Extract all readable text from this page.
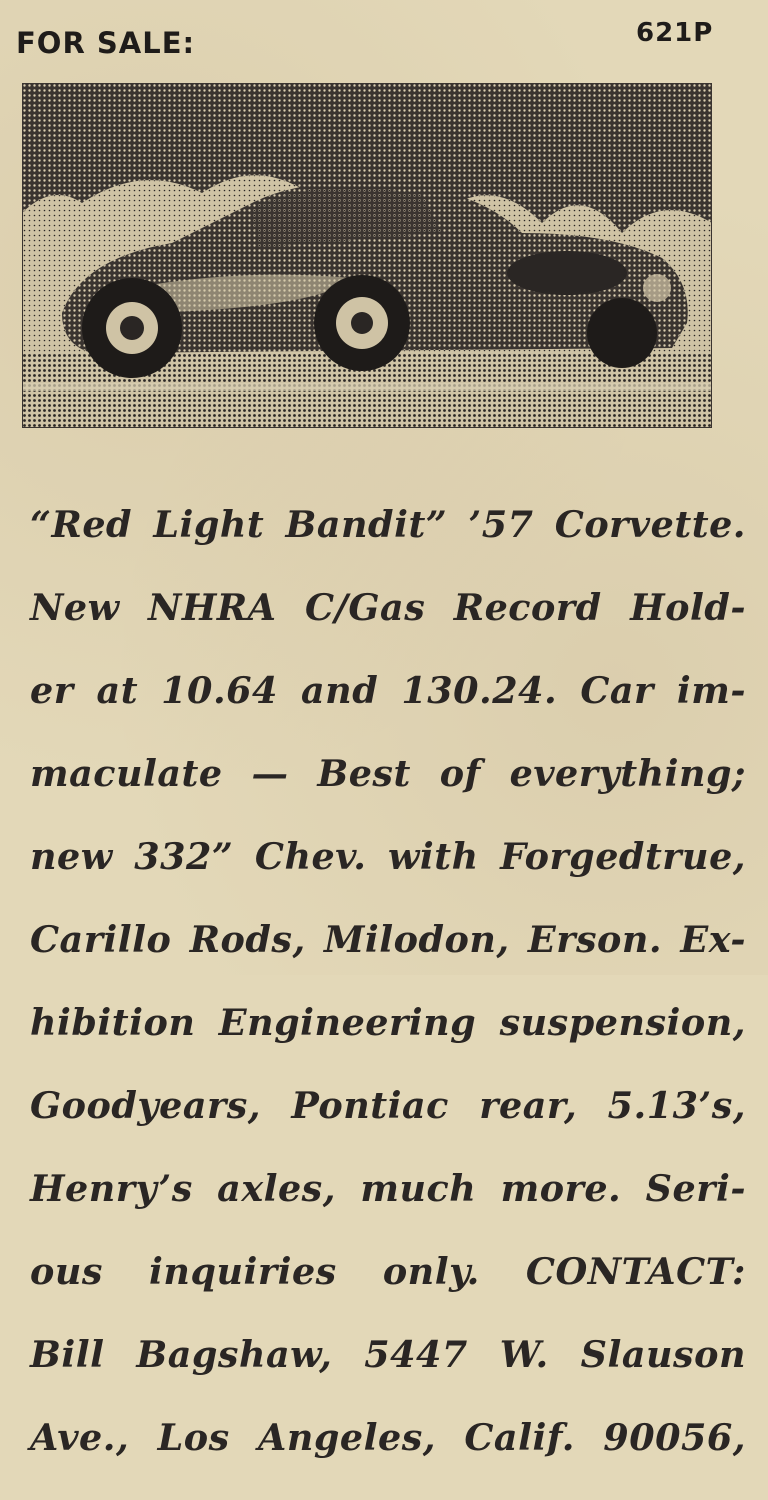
FOR SALE:	621P

“Red Light Bandit” ’57 Corvette.

New NHRA C/Gas Record Hold-

er at 10.64 and 130.24. Car im-

maculate — Best of everything;

new 332” Chev. with Forgedtrue,

Carillo Rods, Milodon, Erson. Ex-

hibition Engineering suspension,

Goodyears, Pontiac rear, 5.13’s,

Henry’s axles, much more. Seri-

ous inquiries only. CONTACT:

Bill Bagshaw, 5447 W. Slauson

Ave., Los Angeles, Calif. 90056,
